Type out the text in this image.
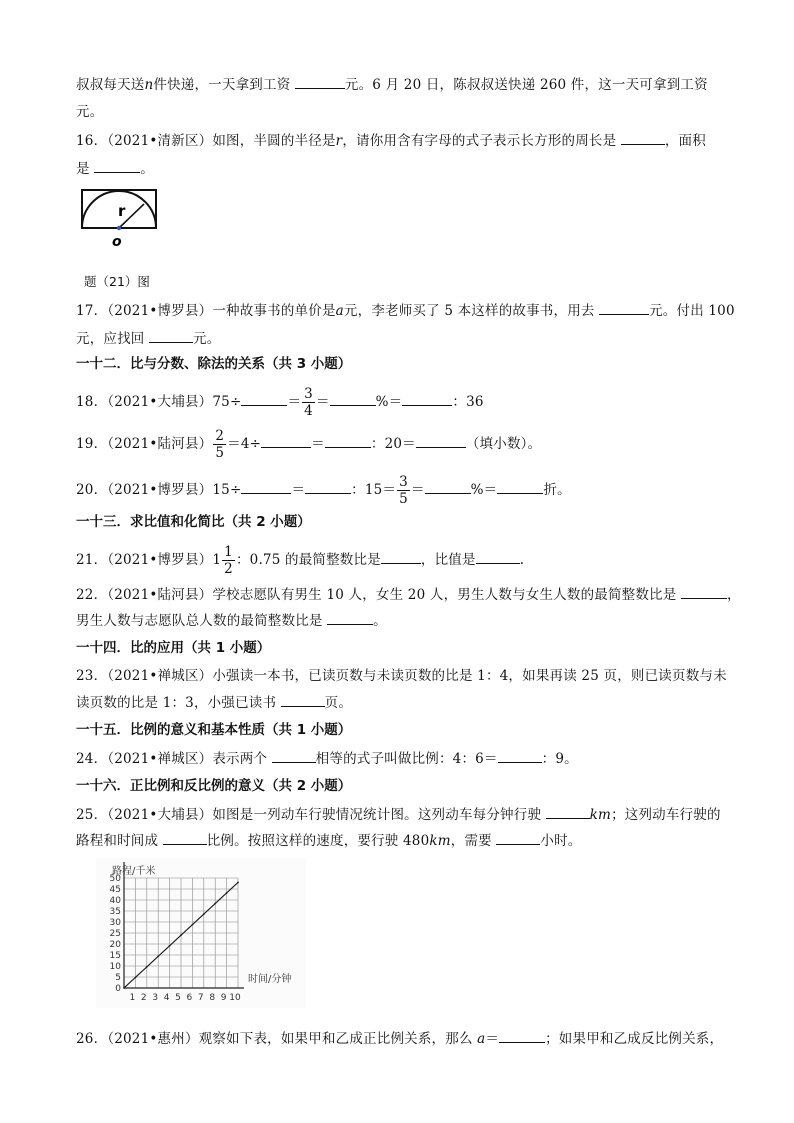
叔叔每天送n件快递，一天拿到工资	元。6 月 20 日，陈叔叔送快递 260 件，这一天可拿到工资
元。
16．（2021•清新区）如图，半圆的半径是r，请你用含有字母的式子表示长方形的周长是	，面积
是	。
r
o
题（21）图
17．（2021•博罗县）一种故事书的单价是a元，李老师买了 5 本这样的故事书，用去	元。付出 100
元，应找回	元。
一十二．比与分数、除法的关系（共 3 小题）
18．（2021•大埔县）75÷	＝ $\frac{3}{4}$ ＝	%＝	：36
19．（2021•陆河县） $\frac{2}{5} =4\div$	＝	：20＝	（填小数）。
20．（2021•博罗县）15÷	＝	：$15= \frac{3}{5}$ ＝	%＝	折。
一十三．求比值和化简比（共 2 小题）
21．（2021•博罗县）$1 \frac{1}{2}$ ：0.75 的最简整数比是	，比值是	.
22．（2021•陆河县）学校志愿队有男生 10 人，女生 20 人，男生人数与女生人数的最简整数比是	，
男生人数与志愿队总人数的最简整数比是	。
一十四．比的应用（共 1 小题）
23．（2021•禅城区）小强读一本书，已读页数与未读页数的比是 1：4，如果再读 25 页，则已读页数与未
读页数的比是 1：3，小强已读书	页。
一十五．比例的意义和基本性质（共 1 小题）
24．（2021•禅城区）表示两个	相等的式子叫做比例：4：6＝	：9。
一十六．正比例和反比例的意义（共 2 小题）
25．（2021•大埔县）如图是一列动车行驶情况统计图。这列动车每分钟行驶	km；这列动车行驶的
路程和时间成	比例。按照这样的速度，要行驶 480km，需要	小时。
0
5
10
15
20
25
30
35
40
45
50
1 2 3 4 5 6 7 8 9 10
路程/千米
时间/分钟
26．（2021•惠州）观察如下表，如果甲和乙成正比例关系，那么 a＝	；如果甲和乙成反比例关系，
